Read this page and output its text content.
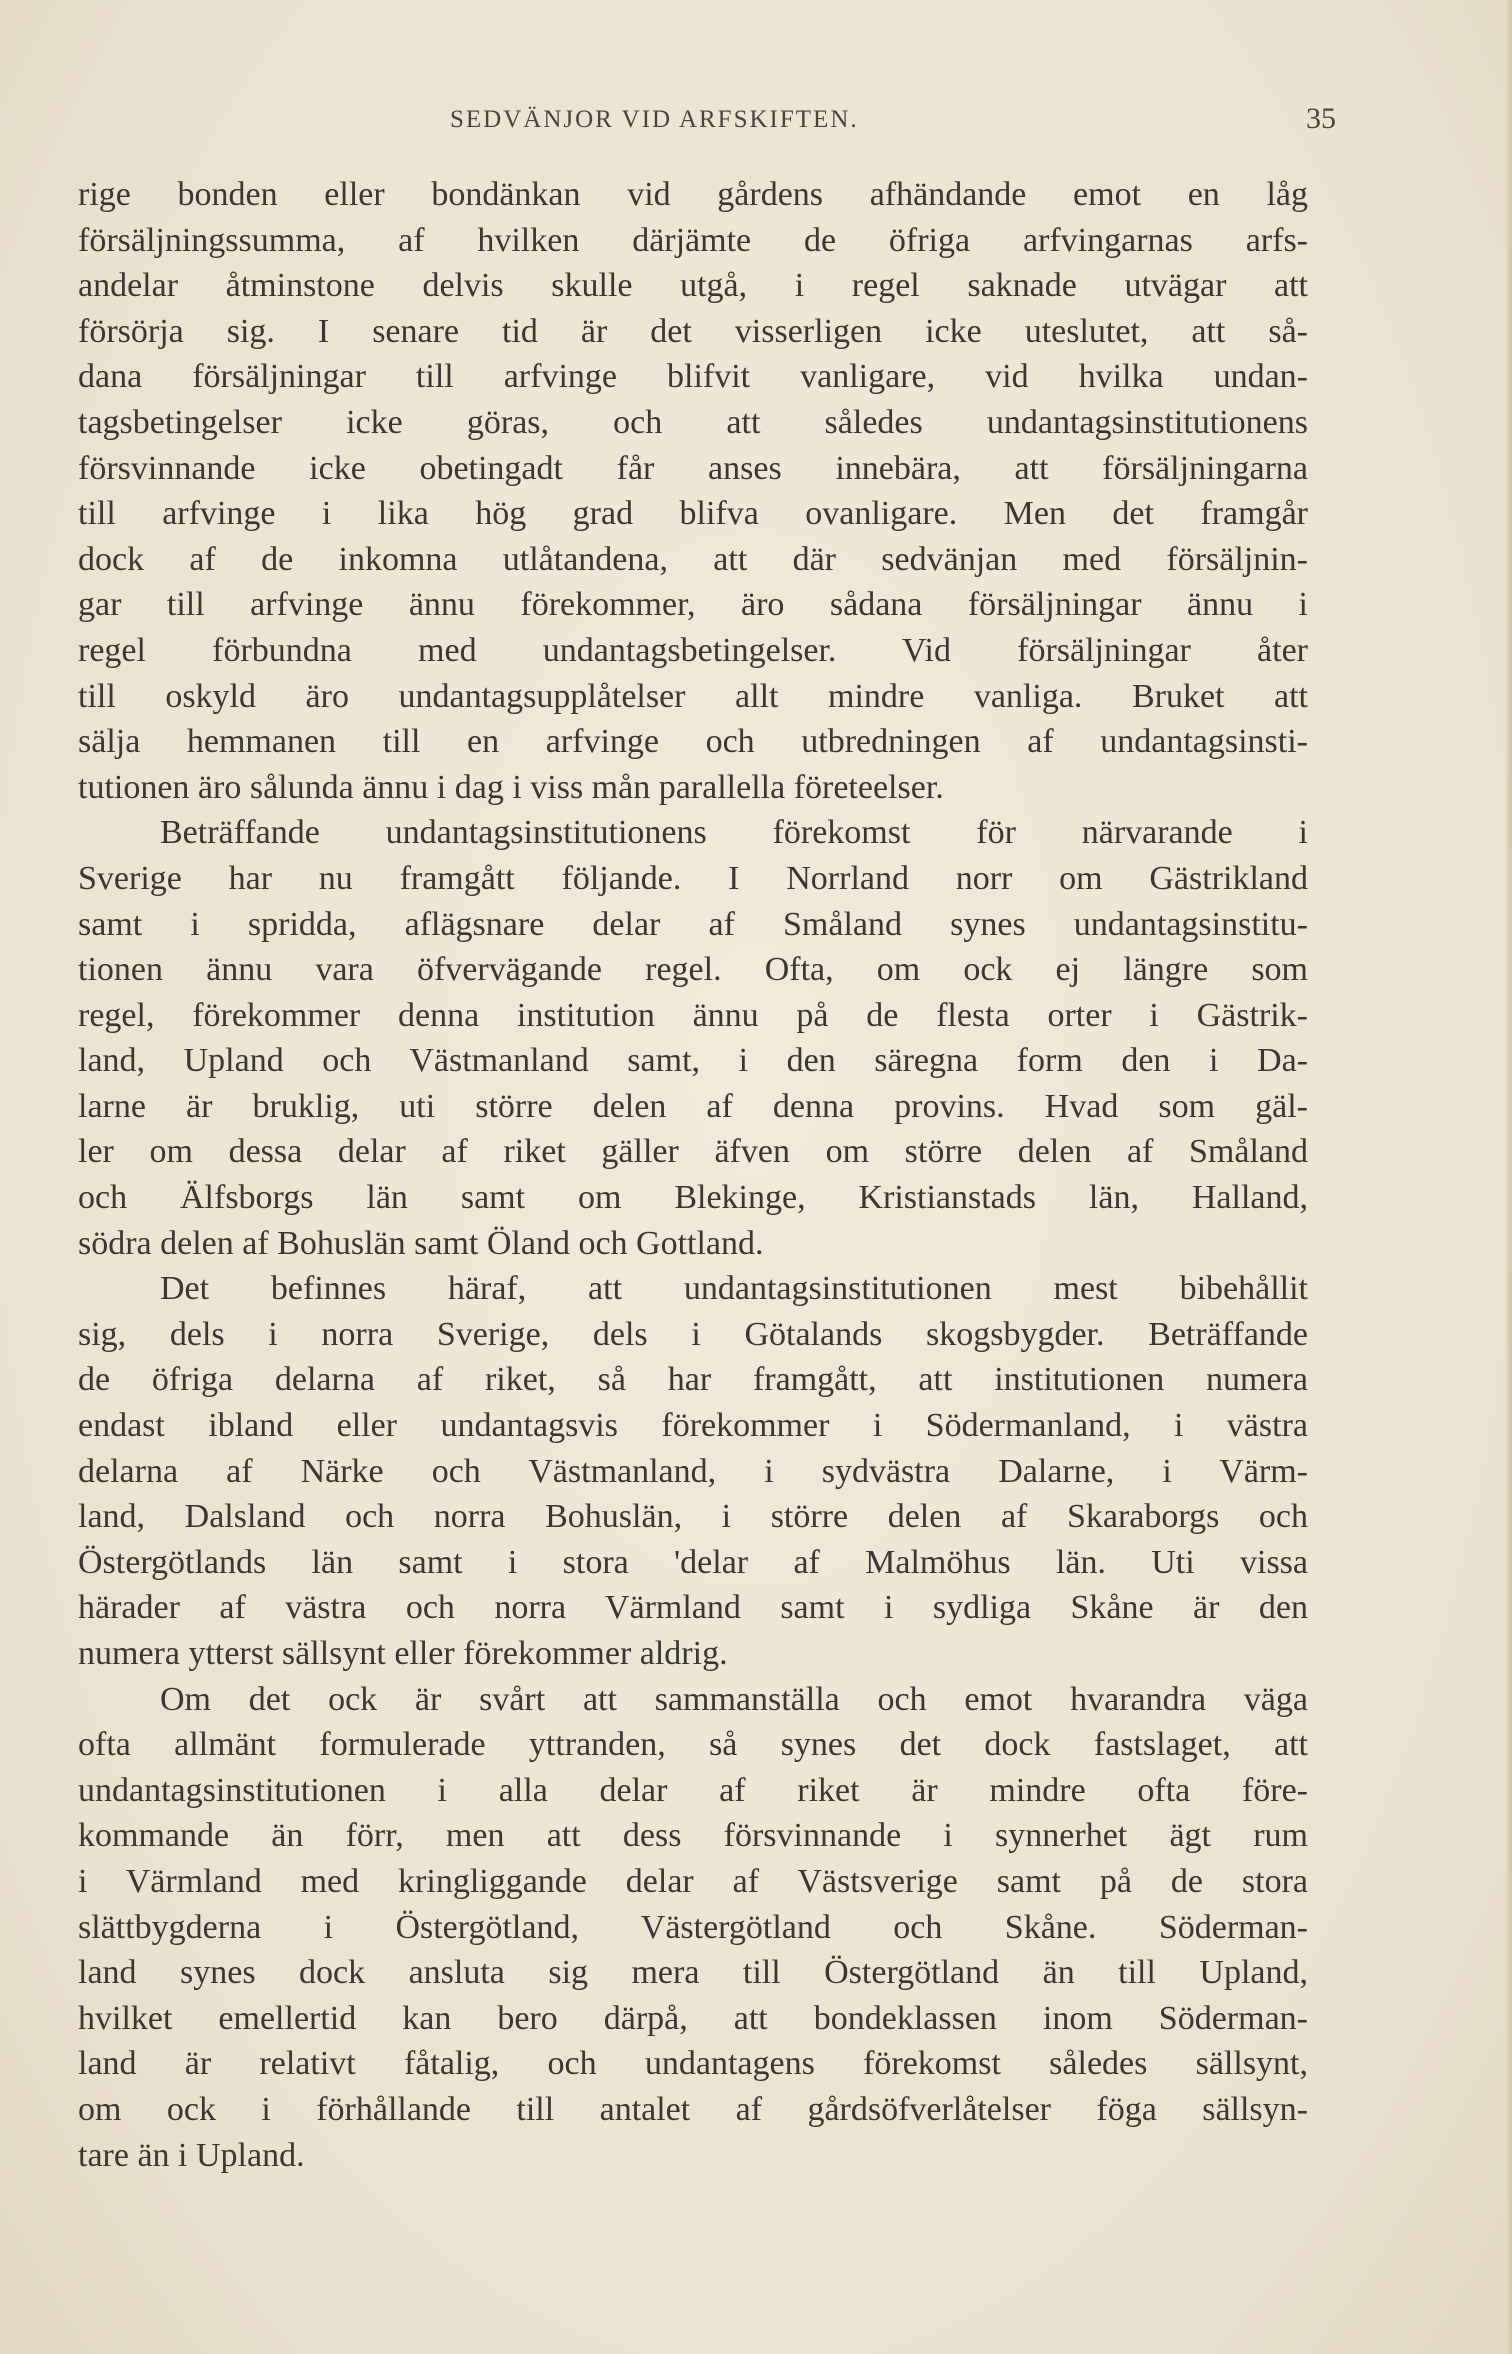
SEDVÄNJOR VID ARFSKIFTEN.	35
rige bonden eller bondänkan vid gårdens afhändande emot en låg
försäljningssumma, af hvilken därjämte de öfriga arfvingarnas arfs-
andelar åtminstone delvis skulle utgå, i regel saknade utvägar att
försörja sig. I senare tid är det visserligen icke uteslutet, att så-
dana försäljningar till arfvinge blifvit vanligare, vid hvilka undan-
tagsbetingelser icke göras, och att således undantagsinstitutionens
försvinnande icke obetingadt får anses innebära, att försäljningarna
till arfvinge i lika hög grad blifva ovanligare. Men det framgår
dock af de inkomna utlåtandena, att där sedvänjan med försäljnin-
gar till arfvinge ännu förekommer, äro sådana försäljningar ännu i
regel förbundna med undantagsbetingelser. Vid försäljningar åter
till oskyld äro undantagsupplåtelser allt mindre vanliga. Bruket att
sälja hemmanen till en arfvinge och utbredningen af undantagsinsti-
tutionen äro sålunda ännu i dag i viss mån parallella företeelser.
Beträffande undantagsinstitutionens förekomst för närvarande i
Sverige har nu framgått följande. I Norrland norr om Gästrikland
samt i spridda, aflägsnare delar af Småland synes undantagsinstitu-
tionen ännu vara öfvervägande regel. Ofta, om ock ej längre som
regel, förekommer denna institution ännu på de flesta orter i Gästrik-
land, Upland och Västmanland samt, i den säregna form den i Da-
larne är bruklig, uti större delen af denna provins. Hvad som gäl-
ler om dessa delar af riket gäller äfven om större delen af Småland
och Älfsborgs län samt om Blekinge, Kristianstads län, Halland,
södra delen af Bohuslän samt Öland och Gottland.
Det befinnes häraf, att undantagsinstitutionen mest bibehållit
sig, dels i norra Sverige, dels i Götalands skogsbygder. Beträffande
de öfriga delarna af riket, så har framgått, att institutionen numera
endast ibland eller undantagsvis förekommer i Södermanland, i västra
delarna af Närke och Västmanland, i sydvästra Dalarne, i Värm-
land, Dalsland och norra Bohuslän, i större delen af Skaraborgs och
Östergötlands län samt i stora 'delar af Malmöhus län. Uti vissa
härader af västra och norra Värmland samt i sydliga Skåne är den
numera ytterst sällsynt eller förekommer aldrig.
Om det ock är svårt att sammanställa och emot hvarandra väga
ofta allmänt formulerade yttranden, så synes det dock fastslaget, att
undantagsinstitutionen i alla delar af riket är mindre ofta före-
kommande än förr, men att dess försvinnande i synnerhet ägt rum
i Värmland med kringliggande delar af Västsverige samt på de stora
slättbygderna i Östergötland, Västergötland och Skåne. Söderman-
land synes dock ansluta sig mera till Östergötland än till Upland,
hvilket emellertid kan bero därpå, att bondeklassen inom Söderman-
land är relativt fåtalig, och undantagens förekomst således sällsynt,
om ock i förhållande till antalet af gårdsöfverlåtelser föga sällsyn-
tare än i Upland.
